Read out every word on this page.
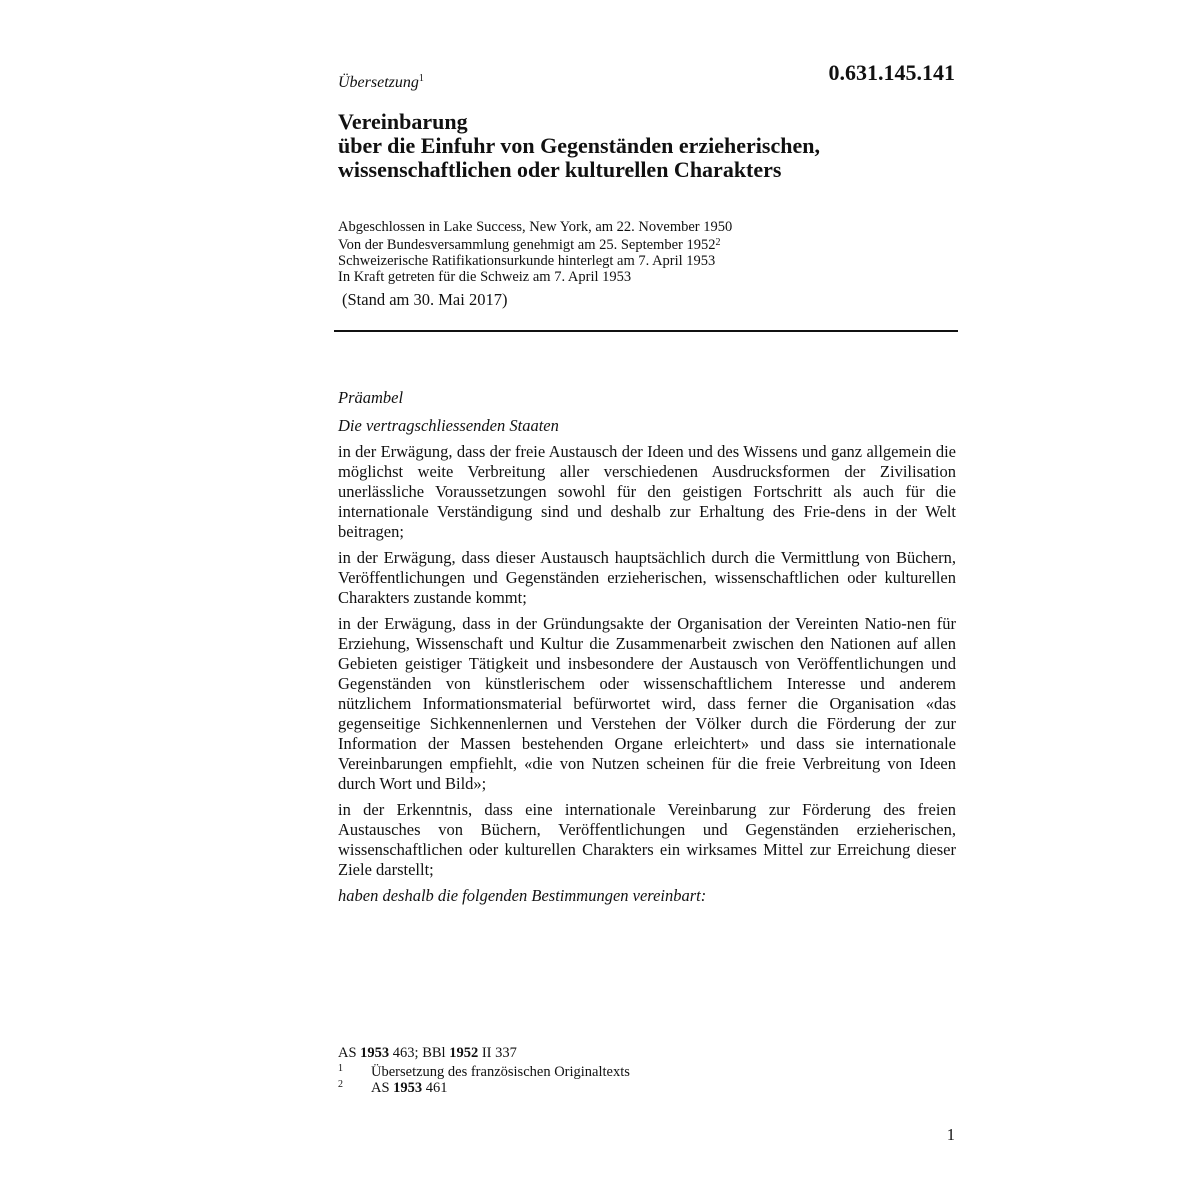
Übersetzung$^1$	0.631.145.141
Vereinbarung
über die Einfuhr von Gegenständen erzieherischen,
wissenschaftlichen oder kulturellen Charakters
Abgeschlossen in Lake Success, New York, am 22. November 1950
Von der Bundesversammlung genehmigt am 25. September 1952$^2$
Schweizerische Ratifikationsurkunde hinterlegt am 7. April 1953
In Kraft getreten für die Schweiz am 7. April 1953
(Stand am 30. Mai 2017)

Präambel

Die vertragschliessenden Staaten

in der Erwägung, dass der freie Austausch der Ideen und des Wissens und ganz allgemein die möglichst weite Verbreitung aller verschiedenen Ausdrucksformen der Zivilisation unerlässliche Voraussetzungen sowohl für den geistigen Fortschritt als auch für die internationale Verständigung sind und deshalb zur Erhaltung des Frie-dens in der Welt beitragen;

in der Erwägung, dass dieser Austausch hauptsächlich durch die Vermittlung von Büchern, Veröffentlichungen und Gegenständen erzieherischen, wissenschaftlichen oder kulturellen Charakters zustande kommt;

in der Erwägung, dass in der Gründungsakte der Organisation der Vereinten Natio-nen für Erziehung, Wissenschaft und Kultur die Zusammenarbeit zwischen den Nationen auf allen Gebieten geistiger Tätigkeit und insbesondere der Austausch von Veröffentlichungen und Gegenständen von künstlerischem oder wissenschaftlichem Interesse und anderem nützlichem Informationsmaterial befürwortet wird, dass ferner die Organisation «das gegenseitige Sichkennenlernen und Verstehen der Völker durch die Förderung der zur Information der Massen bestehenden Organe erleichtert» und dass sie internationale Vereinbarungen empfiehlt, «die von Nutzen scheinen für die freie Verbreitung von Ideen durch Wort und Bild»;

in der Erkenntnis, dass eine internationale Vereinbarung zur Förderung des freien Austausches von Büchern, Veröffentlichungen und Gegenständen erzieherischen, wissenschaftlichen oder kulturellen Charakters ein wirksames Mittel zur Erreichung dieser Ziele darstellt;

haben deshalb die folgenden Bestimmungen vereinbart:

AS 1953 463; BBl 1952 II 337
1 Übersetzung des französischen Originaltexts
2 AS 1953 461
1
